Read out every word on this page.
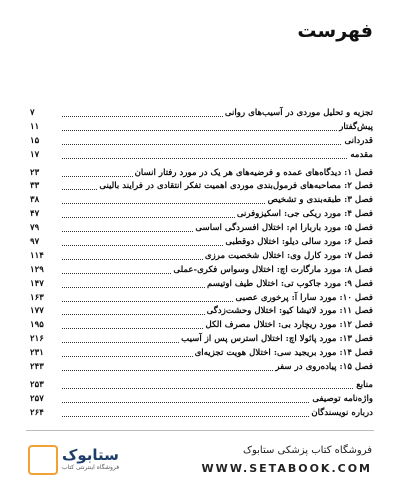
فهرست
تجزیه و تحلیل موردی در آسیب‌های روانی
۷
پیش‌گفتار
۱۱
قدردانی
۱۵
مقدمه
۱۷
فصل ۱: دیدگاه‌های عمده و فرضیه‌های هر یک در مورد رفتار انسان
۲۳
فصل ۲: مصاحبه‌های فرمول‌بندی موردی اهمیت تفکر انتقادی در فرایند بالینی
۳۳
فصل ۳: طبقه‌بندی و تشخیص
۳۸
فصل ۴: مورد ریکی جی: اسکیزوفرنی
۴۷
فصل ۵: مورد باربارا ام: اختلال افسردگی اساسی
۷۹
فصل ۶: مورد سالی دیلو: اختلال دوقطبی
۹۷
فصل ۷: مورد کارل وی: اختلال شخصیت مرزی
۱۱۴
فصل ۸: مورد مارگارت اچ: اختلال وسواس فکری-عملی
۱۲۹
فصل ۹: مورد جاکوب تی: اختلال طیف اوتیسم
۱۴۷
فصل ۱۰: مورد سارا آ: پرخوری عصبی
۱۶۳
فصل ۱۱: مورد لاتیشا کیو: اختلال وحشت‌زدگی
۱۷۷
فصل ۱۲: مورد ریچارد بی: اختلال مصرف الکل
۱۹۵
فصل ۱۳: مورد پائولا اچ: اختلال استرس پس از آسیب
۲۱۶
فصل ۱۴: مورد بریجید سی: اختلال هویت تجزیه‌ای
۲۳۱
فصل ۱۵: پیاده‌روی در سفر
۲۴۳
منابع
۲۵۳
واژه‌نامه توصیفی
۲۵۷
درباره نویسندگان
۲۶۴
ستابوک
فروشگاه اینترنتی کتاب
فروشگاه کتاب پزشکی ستابوک
WWW.SETABOOK.COM
